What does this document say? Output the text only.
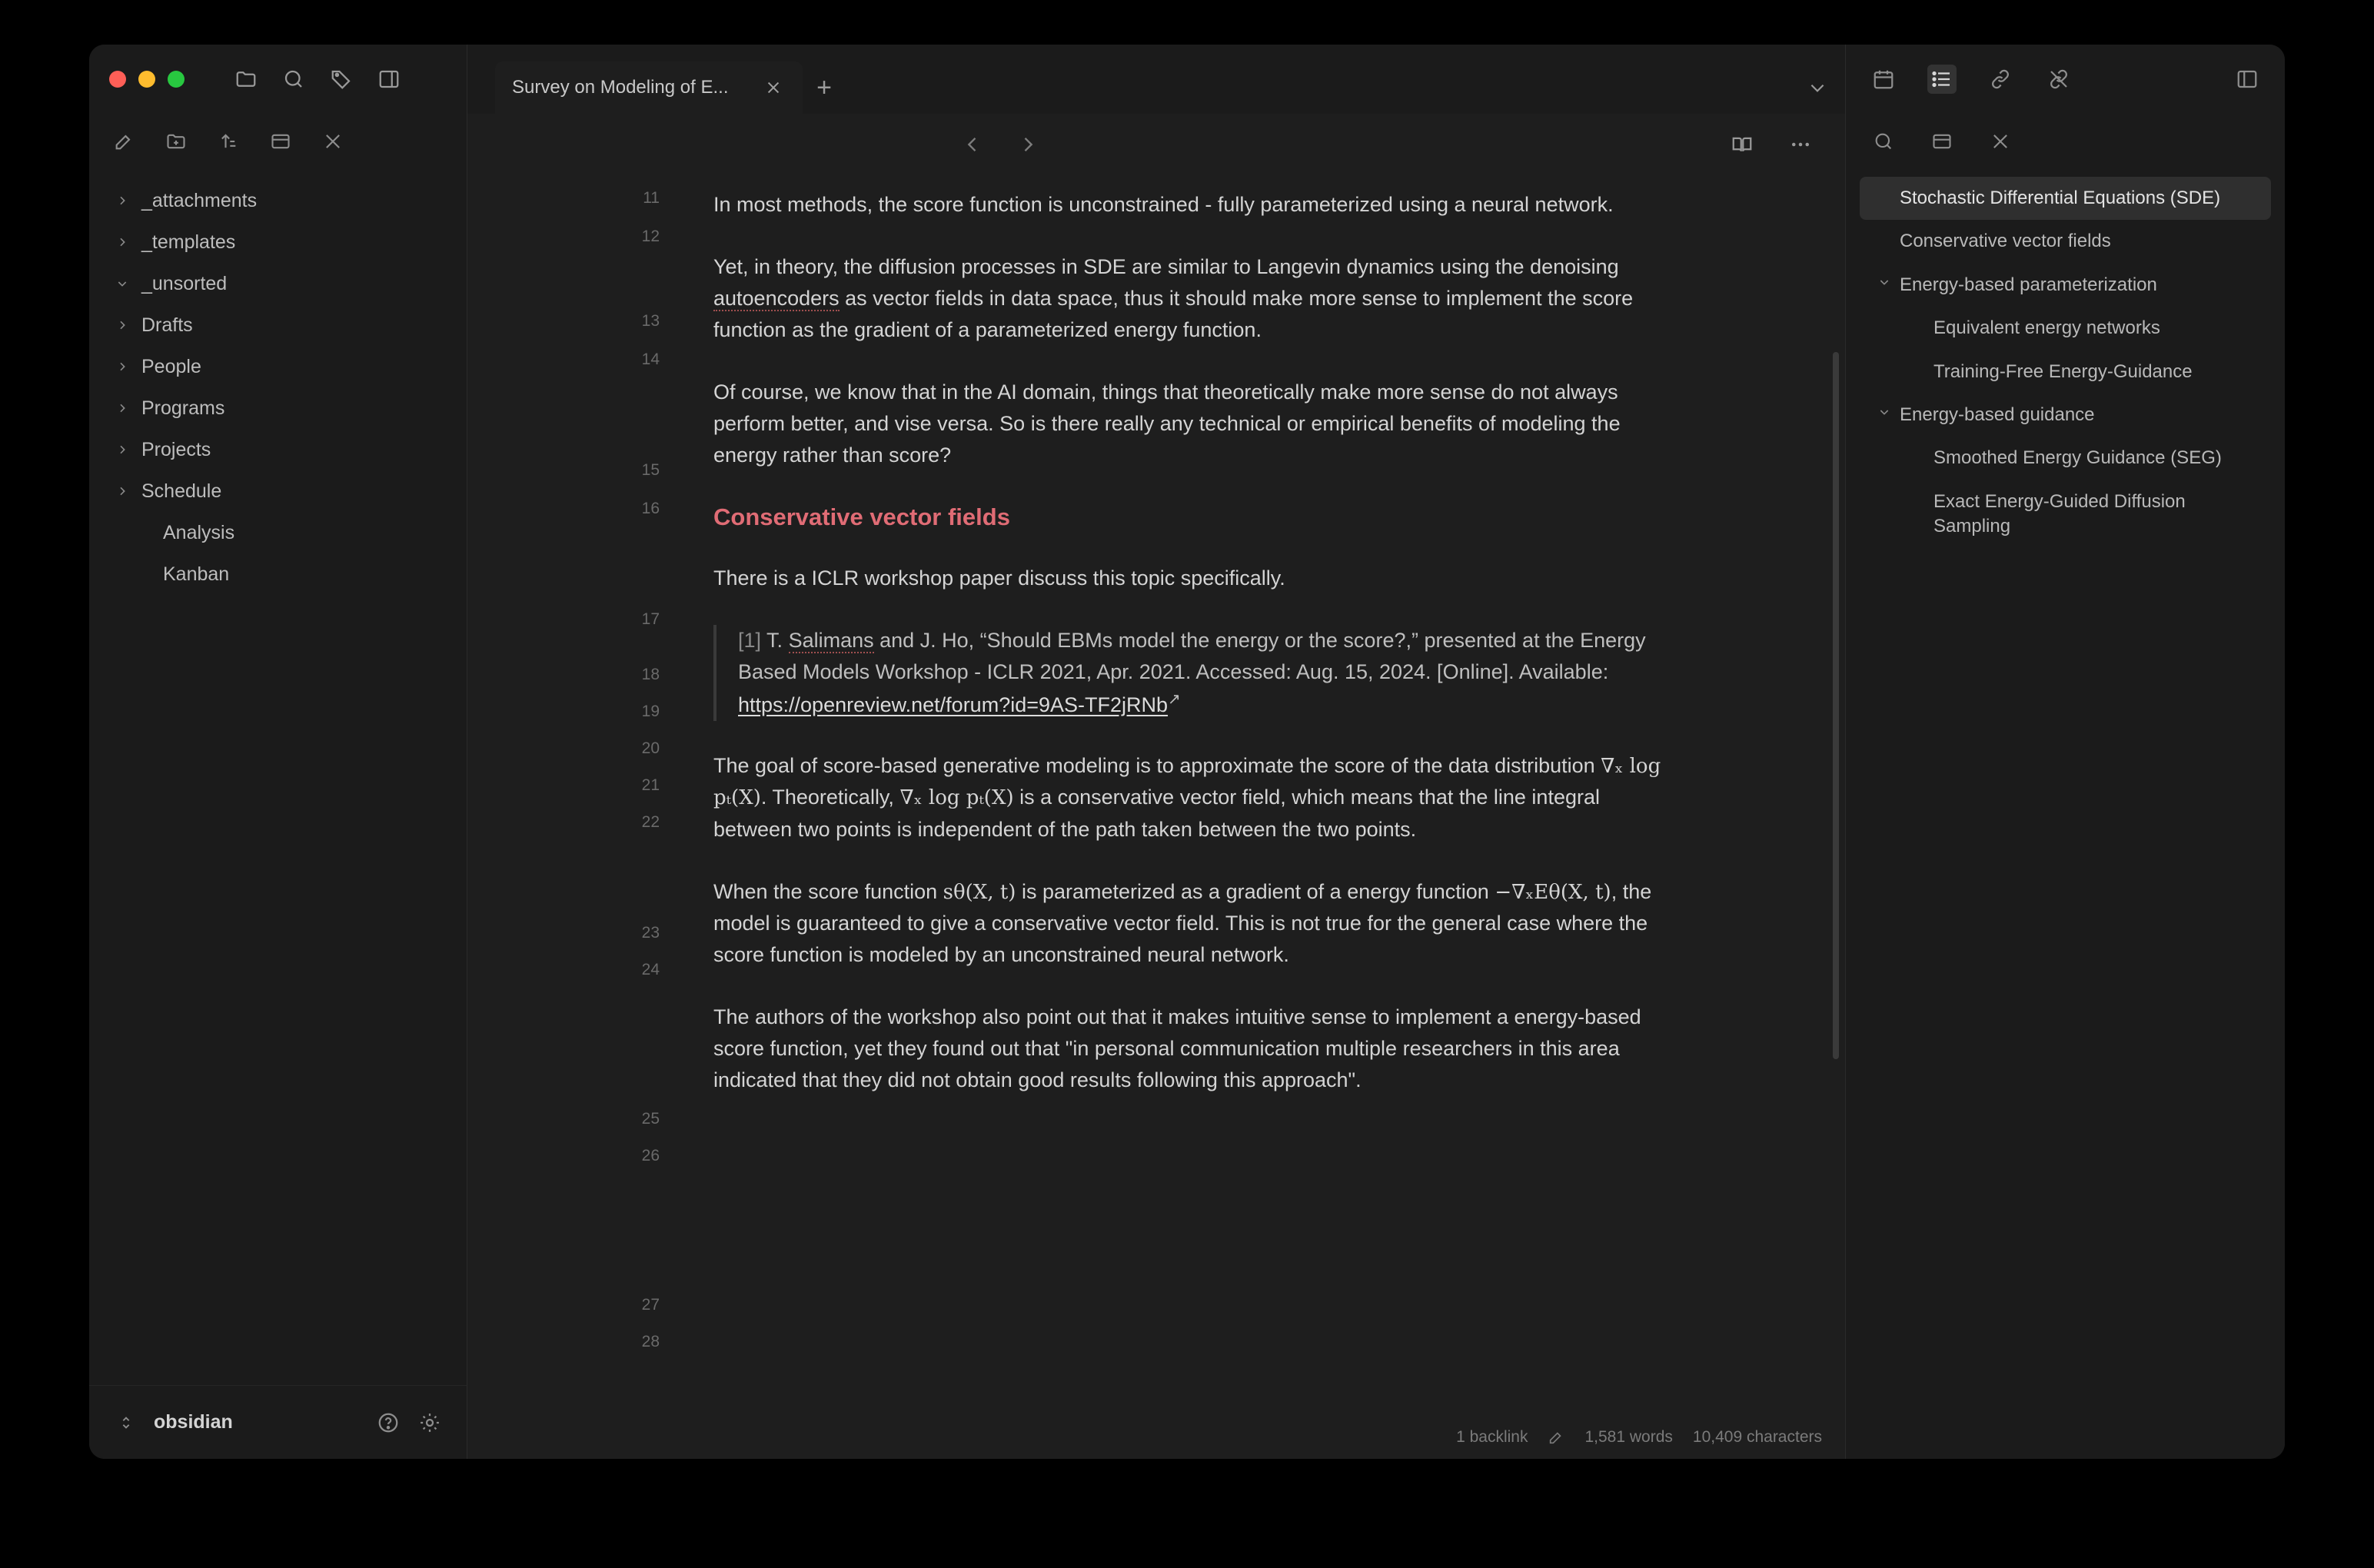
_attachments
_templates
_unsorted
Drafts
People
Programs
Projects
Schedule
Analysis
Kanban
obsidian
Survey on Modeling of E...	+
11
12
13
14
15
16
17
18
19
20
21
22
23
24
25
26
27
28

In most methods, the score function is unconstrained - fully parameterized using a neural network.

Yet, in theory, the diffusion processes in SDE are similar to Langevin dynamics using the denoising autoencoders as vector fields in data space, thus it should make more sense to implement the score function as the gradient of a parameterized energy function.

Of course, we know that in the AI domain, things that theoretically make more sense do not always perform better, and vise versa. So is there really any technical or empirical benefits of modeling the energy rather than score?

Conservative vector fields

There is a ICLR workshop paper discuss this topic specifically.

[1] T. Salimans and J. Ho, “Should EBMs model the energy or the score?,” presented at the Energy Based Models Workshop - ICLR 2021, Apr. 2021. Accessed: Aug. 15, 2024. [Online]. Available: https://openreview.net/forum?id=9AS-TF2jRNb↗

The goal of score-based generative modeling is to approximate the score of the data distribution ∇ₓ log pₜ(X). Theoretically, ∇ₓ log pₜ(X) is a conservative vector field, which means that the line integral between two points is independent of the path taken between the two points.

When the score function sθ(X, t) is parameterized as a gradient of a energy function −∇ₓEθ(X, t), the model is guaranteed to give a conservative vector field. This is not true for the general case where the score function is modeled by an unconstrained neural network.

The authors of the workshop also point out that it makes intuitive sense to implement a energy-based score function, yet they found out that "in personal communication multiple researchers in this area indicated that they did not obtain good results following this approach".

1 backlink	1,581 words 10,409 characters
Stochastic Differential Equations (SDE)
Conservative vector fields
Energy-based parameterization
Equivalent energy networks
Training-Free Energy-Guidance
Energy-based guidance
Smoothed Energy Guidance (SEG)
Exact Energy-Guided Diffusion Sampling
